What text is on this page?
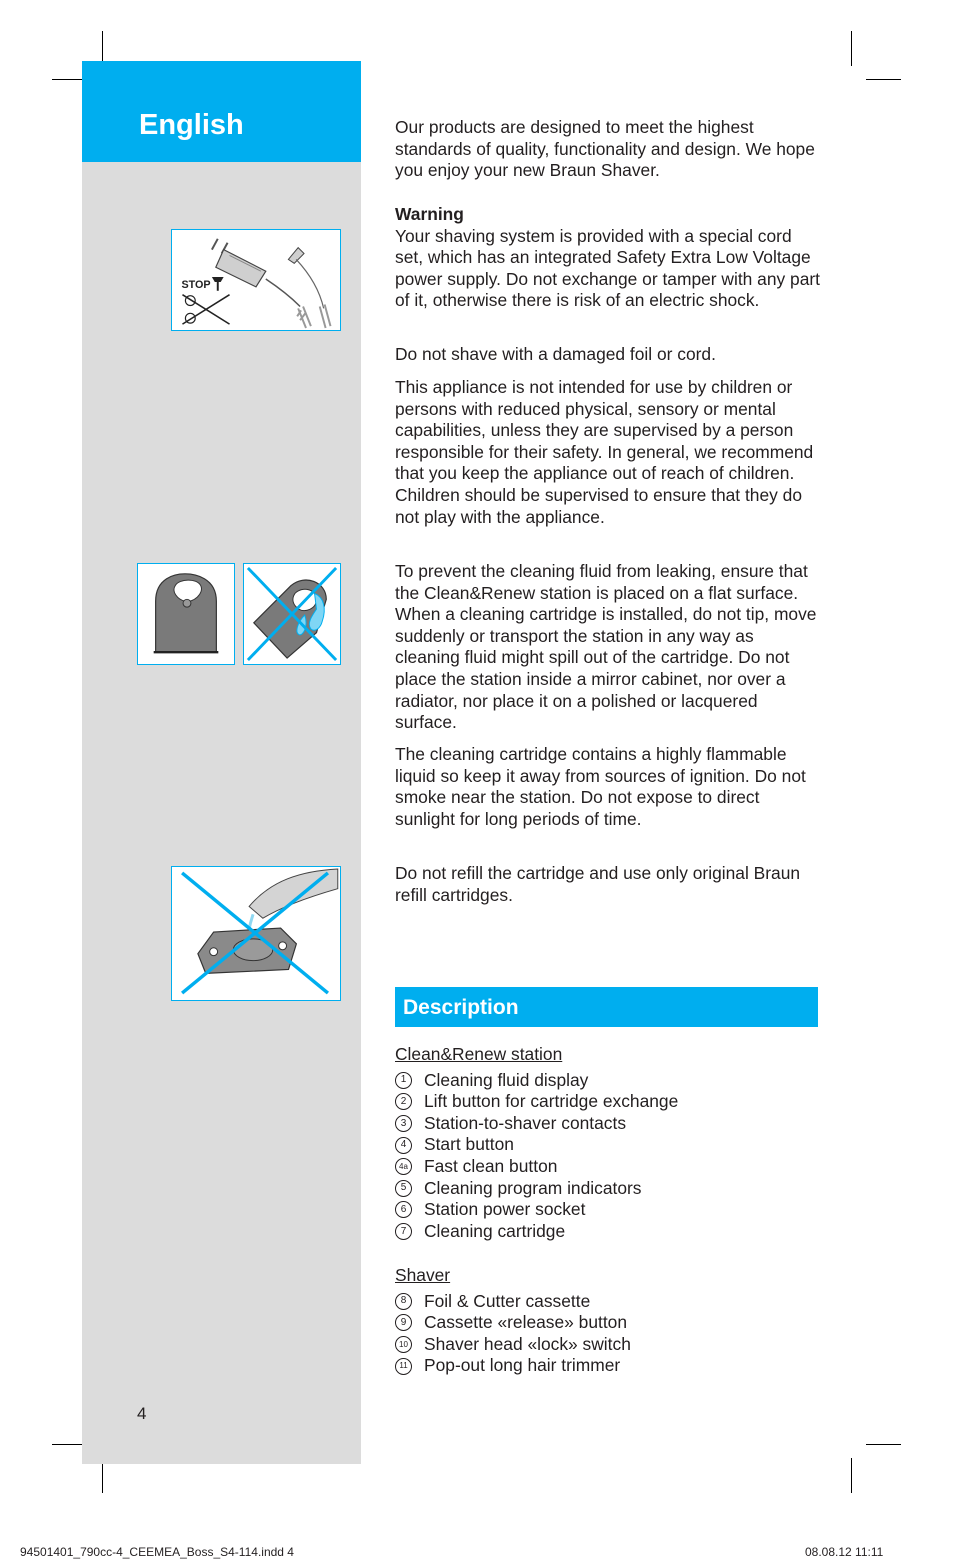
English
STOP

Our products are designed to meet the highest standards of quality, functionality and design. We hope you enjoy your new Braun Shaver.

Warning

Your shaving system is provided with a special cord set, which has an integrated Safety Extra Low Voltage power supply. Do not exchange or tamper with any part of it, otherwise there is risk of an electric shock.

Do not shave with a damaged foil or cord.

This appliance is not intended for use by children or persons with reduced physical, sensory or mental capabilities, unless they are supervised by a person responsible for their safety. In general, we recommend that you keep the appliance out of reach of children. Children should be supervised to ensure that they do not play with the appliance.

To prevent the cleaning fluid from leaking, ensure that the Clean&Renew station is placed on a flat surface. When a cleaning cartridge is installed, do not tip, move suddenly or transport the station in any way as cleaning fluid might spill out of the cartridge. Do not place the station inside a mirror cabinet, nor over a radiator, nor place it on a polished or lacquered surface.

The cleaning cartridge contains a highly flammable liquid so keep it away from sources of ignition. Do not smoke near the station. Do not expose to direct sunlight for long periods of time.

Do not refill the cartridge and use only original Braun refill cartridges.

Description

Clean&Renew station

1	Cleaning fluid display
2	Lift button for cartridge exchange
3	Station-to-shaver contacts
4	Start button
4a Fast clean button
5	Cleaning program indicators
6	Station power socket
7	Cleaning cartridge

Shaver

8	Foil & Cutter cassette
9	Cassette «release» button
10 Shaver head «lock» switch
11 Pop-out long hair trimmer
4
94501401_790cc-4_CEEMEA_Boss_S4-114.indd 4	08.08.12 11:11
